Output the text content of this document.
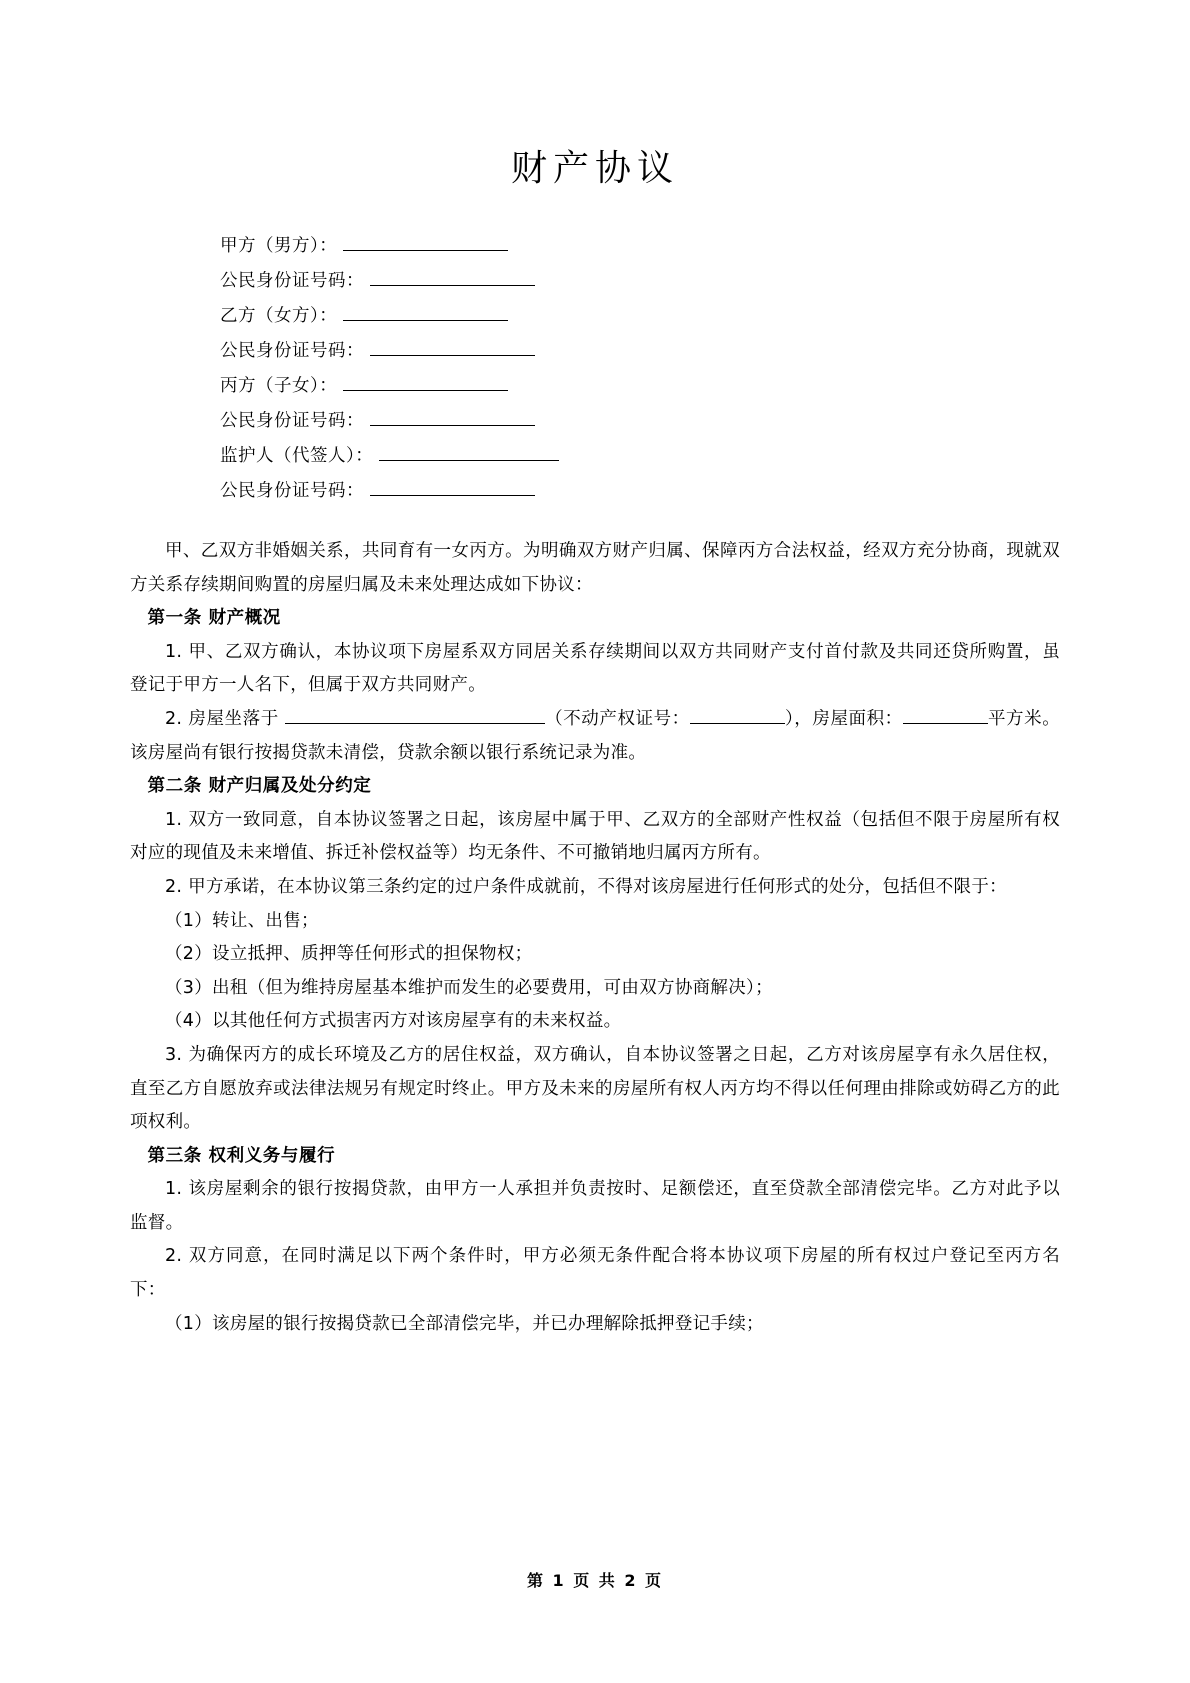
财产协议
甲方（男方）：
公民身份证号码：
乙方（女方）：
公民身份证号码：
丙方（子女）：
公民身份证号码：
监护人（代签人）：
公民身份证号码：

甲、乙双方非婚姻关系，共同育有一女丙方。为明确双方财产归属、保障丙方合法权益，经双方充分协商，现就双方关系存续期间购置的房屋归属及未来处理达成如下协议：

第一条 财产概况

1. 甲、乙双方确认，本协议项下房屋系双方同居关系存续期间以双方共同财产支付首付款及共同还贷所购置，虽登记于甲方一人名下，但属于双方共同财产。

2. 房屋坐落于	（不动产权证号：	），房屋面积：	平方米。该房屋尚有银行按揭贷款未清偿，贷款余额以银行系统记录为准。

第二条 财产归属及处分约定

1. 双方一致同意，自本协议签署之日起，该房屋中属于甲、乙双方的全部财产性权益（包括但不限于房屋所有权对应的现值及未来增值、拆迁补偿权益等）均无条件、不可撤销地归属丙方所有。

2. 甲方承诺，在本协议第三条约定的过户条件成就前，不得对该房屋进行任何形式的处分，包括但不限于：

（1）转让、出售；

（2）设立抵押、质押等任何形式的担保物权；

（3）出租（但为维持房屋基本维护而发生的必要费用，可由双方协商解决）；

（4）以其他任何方式损害丙方对该房屋享有的未来权益。

3. 为确保丙方的成长环境及乙方的居住权益，双方确认，自本协议签署之日起，乙方对该房屋享有永久居住权，直至乙方自愿放弃或法律法规另有规定时终止。甲方及未来的房屋所有权人丙方均不得以任何理由排除或妨碍乙方的此项权利。

第三条 权利义务与履行

1. 该房屋剩余的银行按揭贷款，由甲方一人承担并负责按时、足额偿还，直至贷款全部清偿完毕。乙方对此予以监督。

2. 双方同意，在同时满足以下两个条件时，甲方必须无条件配合将本协议项下房屋的所有权过户登记至丙方名下：

（1）该房屋的银行按揭贷款已全部清偿完毕，并已办理解除抵押登记手续；

第 1 页 共 2 页
